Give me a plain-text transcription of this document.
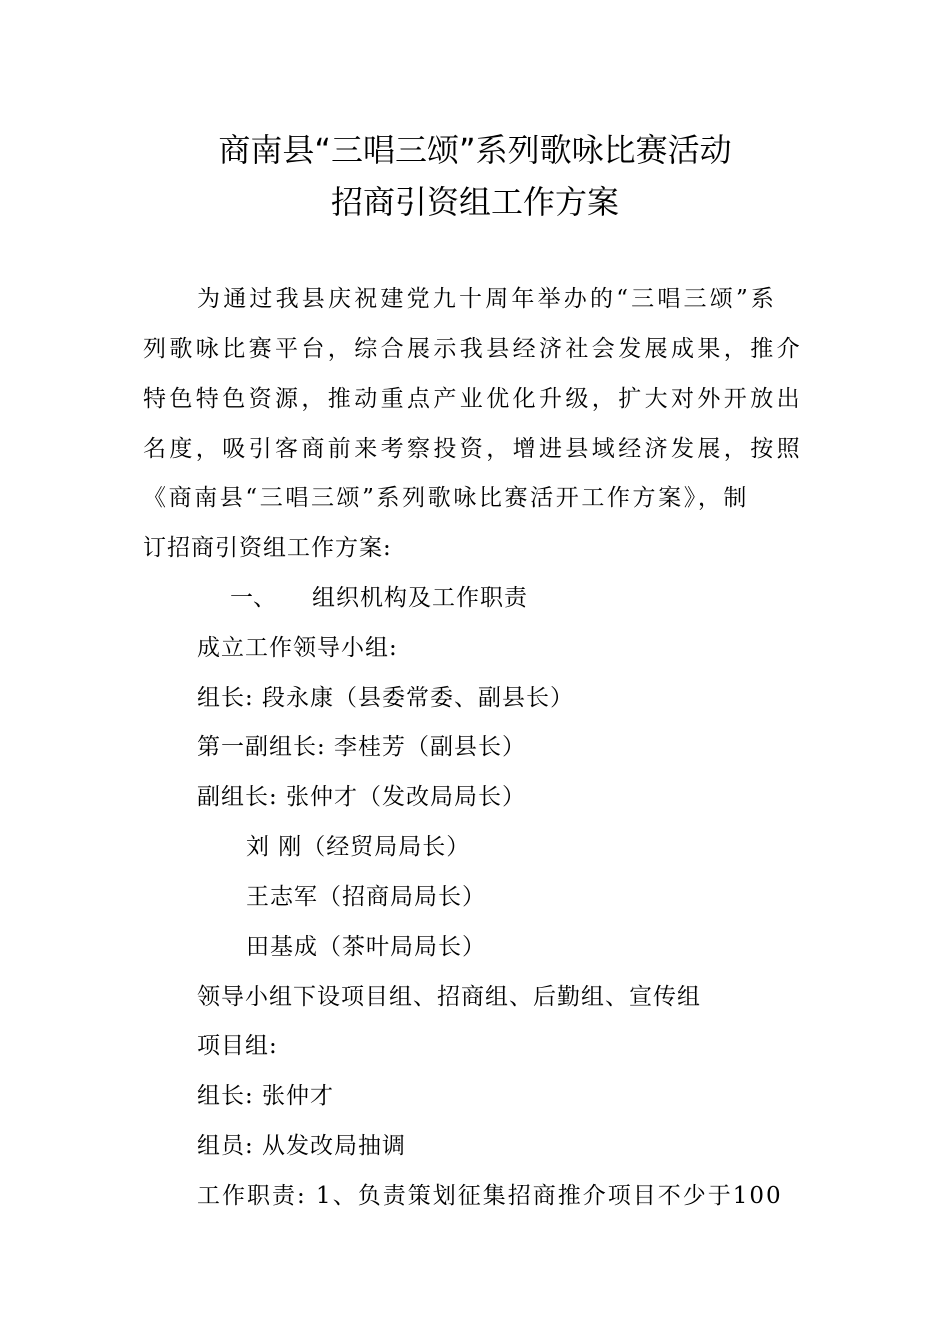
商南县“三唱三颂”系列歌咏比赛活动
招商引资组工作方案
为通过我县庆祝建党九十周年举办的“三唱三颂”系
列歌咏比赛平台，综合展示我县经济社会发展成果，推介
特色特色资源，推动重点产业优化升级，扩大对外开放出
名度，吸引客商前来考察投资，增进县域经济发展，按照
《商南县“三唱三颂”系列歌咏比赛活开工作方案》，制
订招商引资组工作方案:
一、 组织机构及工作职责
成立工作领导小组:
组长: 段永康（县委常委、副县长）
第一副组长: 李桂芳（副县长）
副组长: 张仲才（发改局局长）
刘 刚（经贸局局长）
王志军（招商局局长）
田基成（茶叶局局长）
领导小组下设项目组、招商组、后勤组、宣传组
项目组:
组长: 张仲才
组员: 从发改局抽调
工作职责: 1、负责策划征集招商推介项目不少于100
